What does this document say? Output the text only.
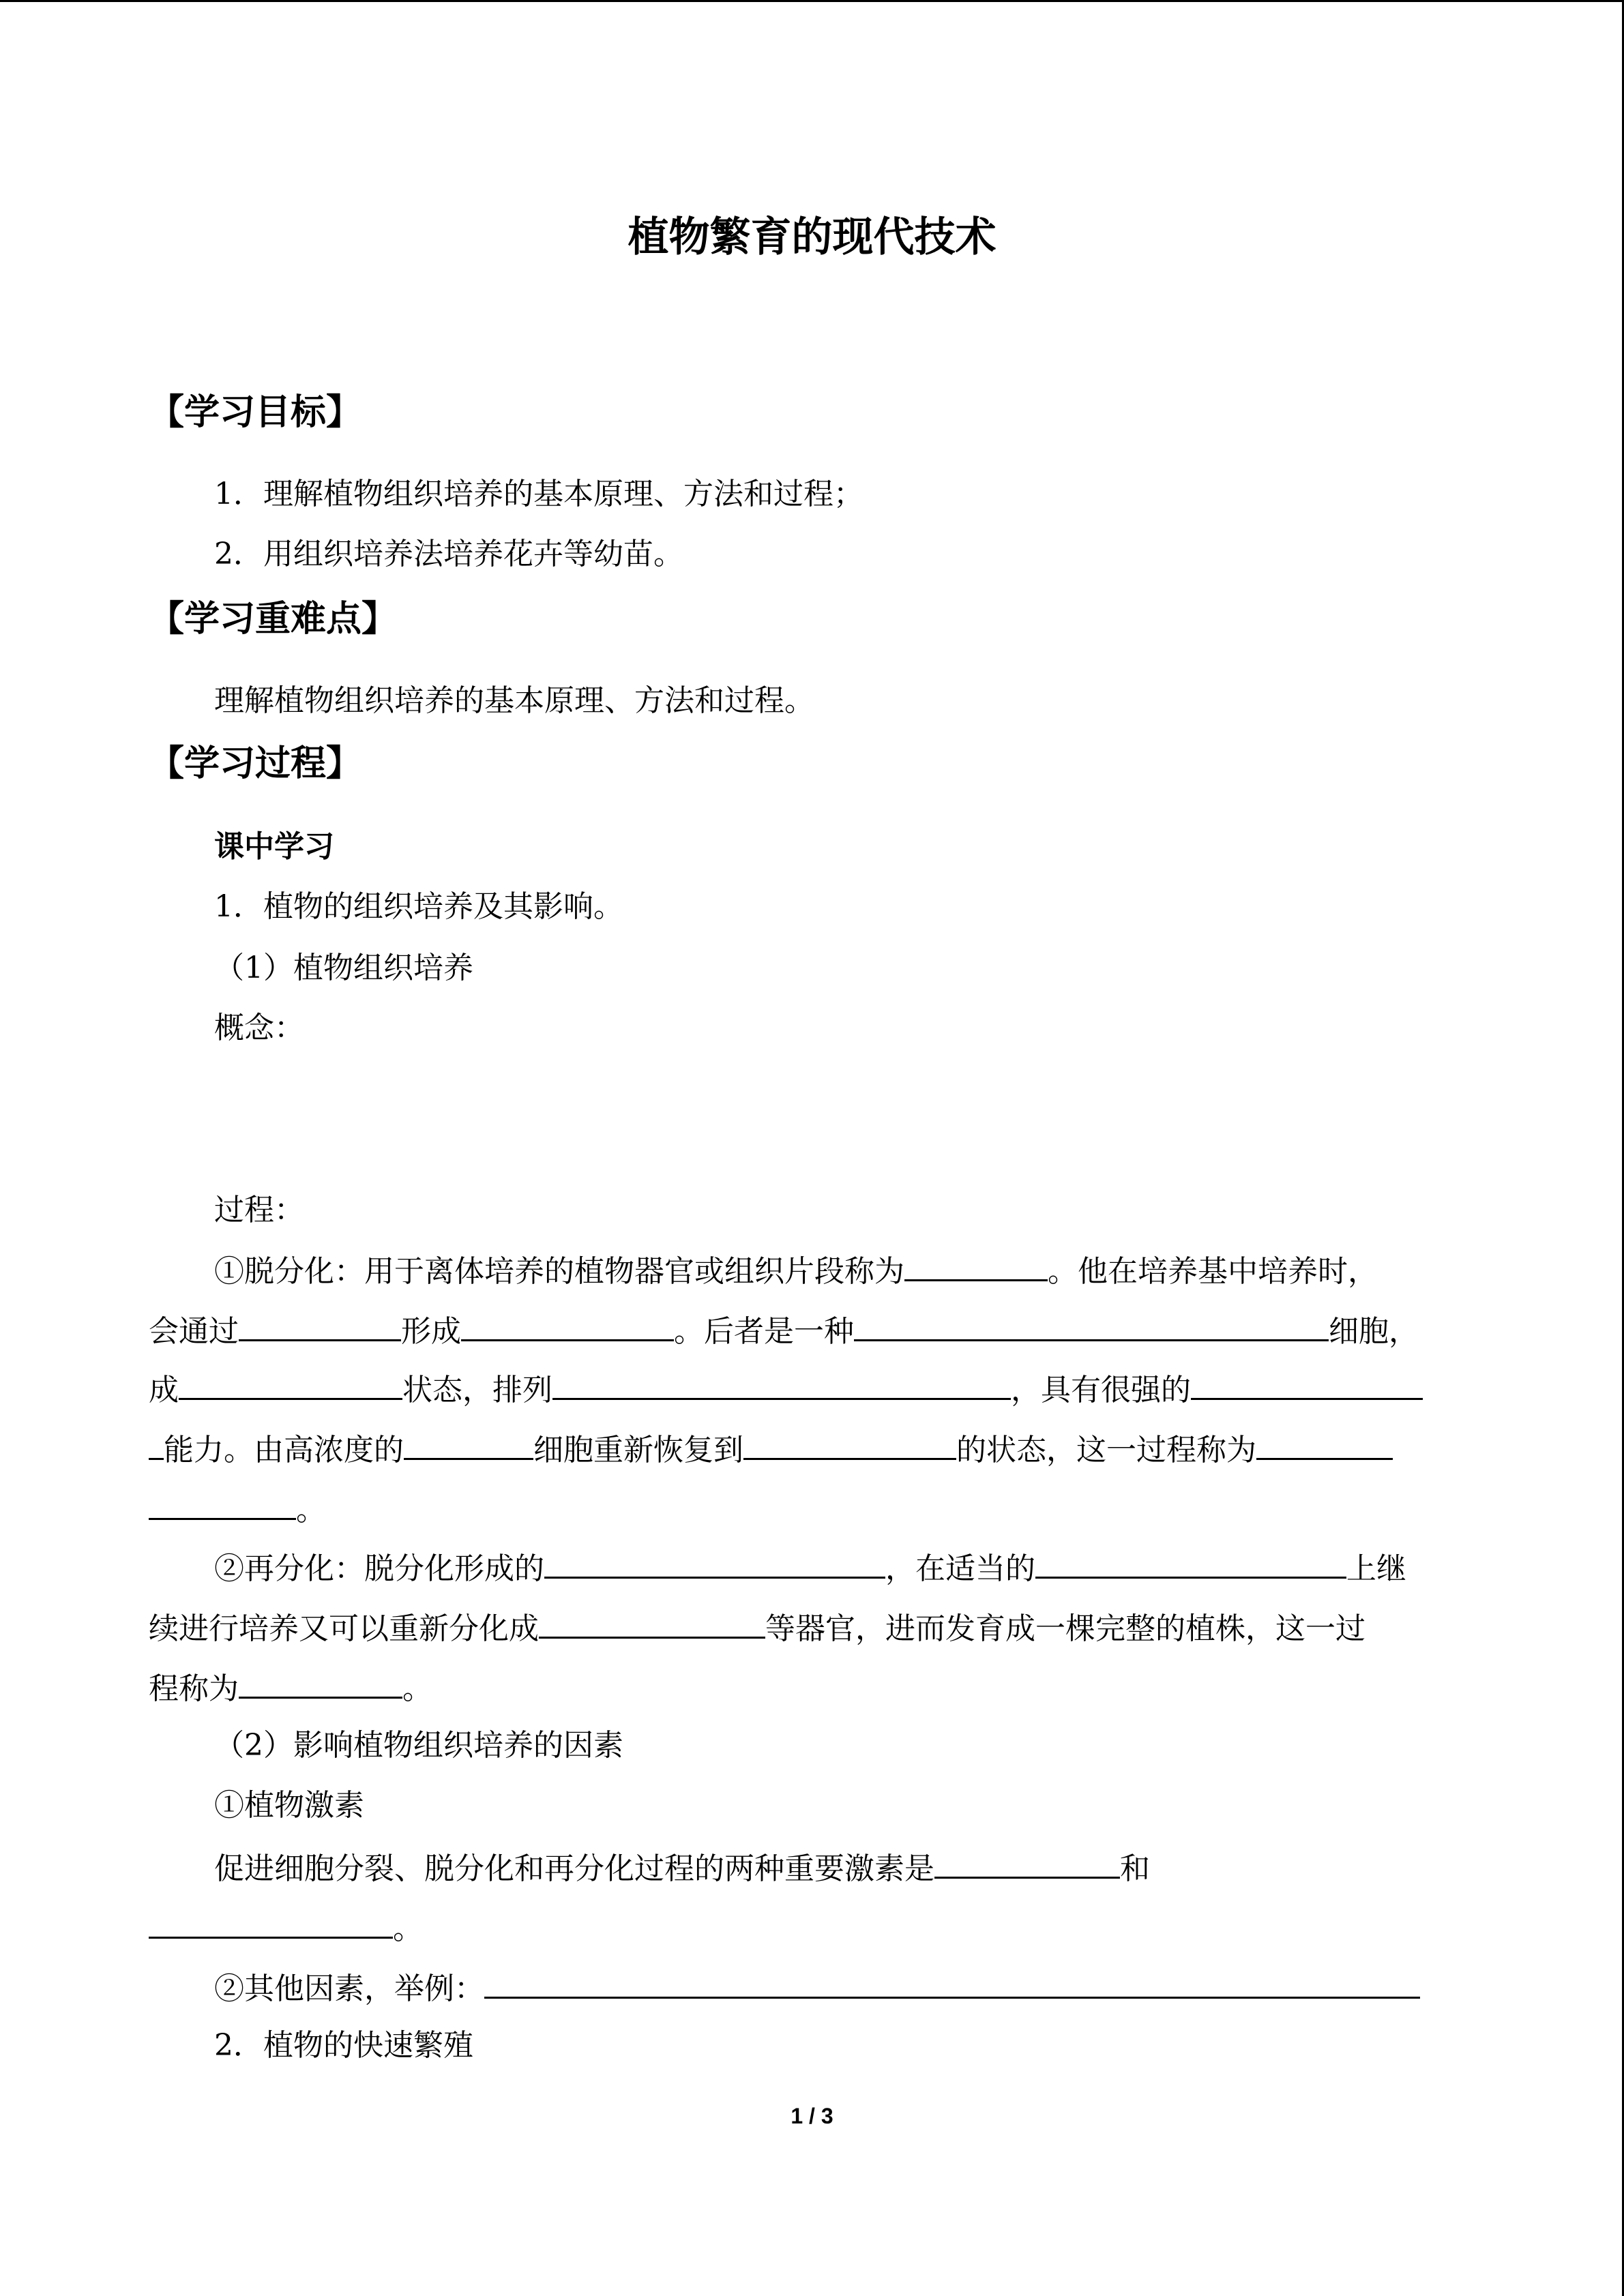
植物繁育的现代技术
【学习目标】
1．理解植物组织培养的基本原理、方法和过程；
2．用组织培养法培养花卉等幼苗。
【学习重难点】
理解植物组织培养的基本原理、方法和过程。
【学习过程】
课中学习
1．植物的组织培养及其影响。
（1）植物组织培养
概念：
过程：
①脱分化：用于离体培养的植物器官或组织片段称为	。他在培养基中培养时，
会通过	形成	。后者是一种	细胞，
成	状态，排列	，具有很强的
能力。由高浓度的	细胞重新恢复到	的状态，这一过程称为
。
②再分化：脱分化形成的	，在适当的	上继
续进行培养又可以重新分化成	等器官，进而发育成一棵完整的植株，这一过
程称为	。
（2）影响植物组织培养的因素
①植物激素
促进细胞分裂、脱分化和再分化过程的两种重要激素是	和
。
②其他因素，举例：
2．植物的快速繁殖
1 / 3
